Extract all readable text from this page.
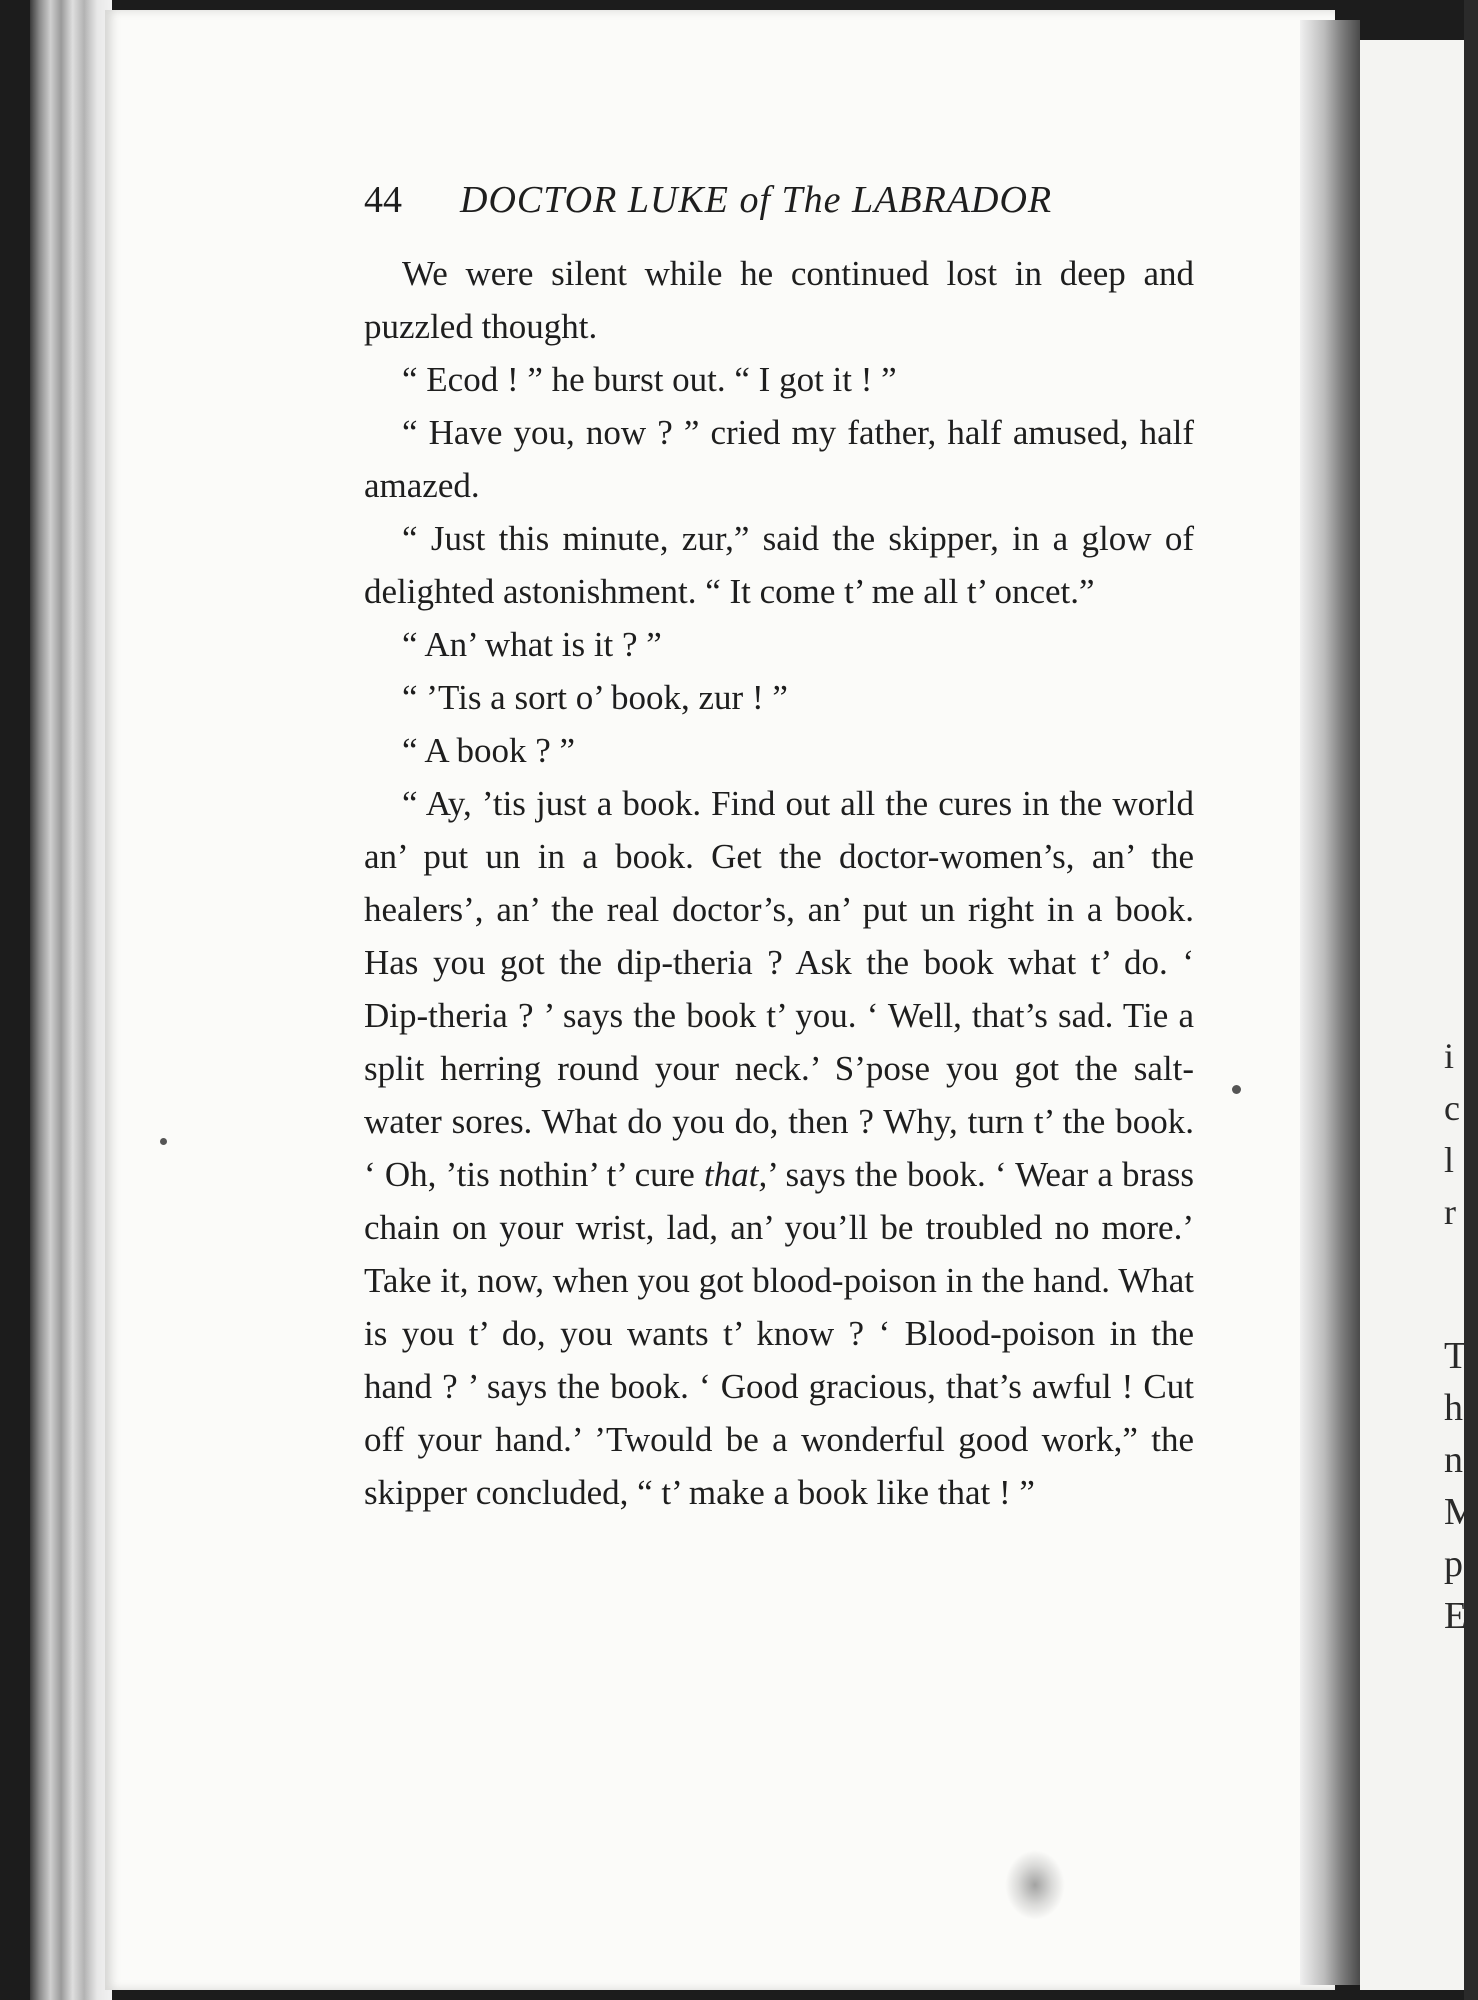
i
c
l
r
T
h
n
M
p
E
44 DOCTOR LUKE of The LABRADOR

We were silent while he continued lost in deep and puzzled thought.

“ Ecod ! ” he burst out. “ I got it ! ”

“ Have you, now ? ” cried my father, half amused, half amazed.

“ Just this minute, zur,” said the skipper, in a glow of delighted astonishment. “ It come t’ me all t’ oncet.”

“ An’ what is it ? ”

“ ’Tis a sort o’ book, zur ! ”

“ A book ? ”

“ Ay, ’tis just a book. Find out all the cures in the world an’ put un in a book. Get the doctor-women’s, an’ the healers’, an’ the real doctor’s, an’ put un right in a book. Has you got the dip-theria ? Ask the book what t’ do. ‘ Dip-theria ? ’ says the book t’ you. ‘ Well, that’s sad. Tie a split herring round your neck.’ S’pose you got the salt-water sores. What do you do, then ? Why, turn t’ the book. ‘ Oh, ’tis nothin’ t’ cure that,’ says the book. ‘ Wear a brass chain on your wrist, lad, an’ you’ll be troubled no more.’ Take it, now, when you got blood-poison in the hand. What is you t’ do, you wants t’ know ? ‘ Blood-poison in the hand ? ’ says the book. ‘ Good gracious, that’s awful ! Cut off your hand.’ ’Twould be a wonderful good work,” the skipper concluded, “ t’ make a book like that ! ”
